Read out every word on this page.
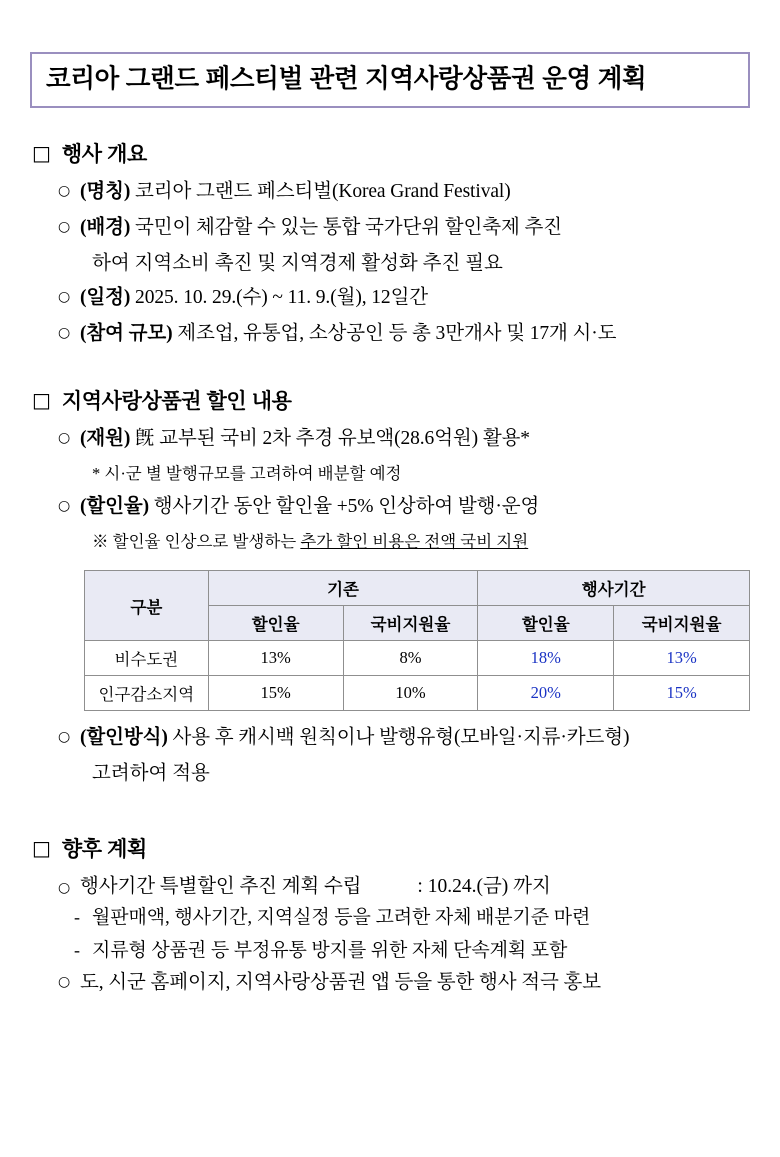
코리아 그랜드 페스티벌 관련 지역사랑상품권 운영 계획
□ 행사 개요
○ (명칭) 코리아 그랜드 페스티벌(Korea Grand Festival)
○ (배경) 국민이 체감할 수 있는 통합 국가단위 할인축제 추진
하여 지역소비 촉진 및 지역경제 활성화 추진 필요
○ (일정) 2025. 10. 29.(수) ~ 11. 9.(월), 12일간
○ (참여 규모) 제조업, 유통업, 소상공인 등 총 3만개사 및 17개 시·도
□ 지역사랑상품권 할인 내용
○ (재원) 旣 교부된 국비 2차 추경 유보액(28.6억원) 활용*
* 시·군 별 발행규모를 고려하여 배분할 예정
○ (할인율) 행사기간 동안 할인율 +5% 인상하여 발행·운영
※ 할인율 인상으로 발생하는 추가 할인 비용은 전액 국비 지원
구분	기존		행사기간	
	할인율	국비지원율	할인율	국비지원율
비수도권	13%	8%	18%	13%
인구감소지역	15%	10%	20%	15%
○ (할인방식) 사용 후 캐시백 원칙이나 발행유형(모바일·지류·카드형)
고려하여 적용
□ 향후 계획
○ 행사기간 특별할인 추진 계획 수립	: 10.24.(금) 까지
- 월판매액, 행사기간, 지역실정 등을 고려한 자체 배분기준 마련
- 지류형 상품권 등 부정유통 방지를 위한 자체 단속계획 포함
○ 도, 시군 홈페이지, 지역사랑상품권 앱 등을 통한 행사 적극 홍보
